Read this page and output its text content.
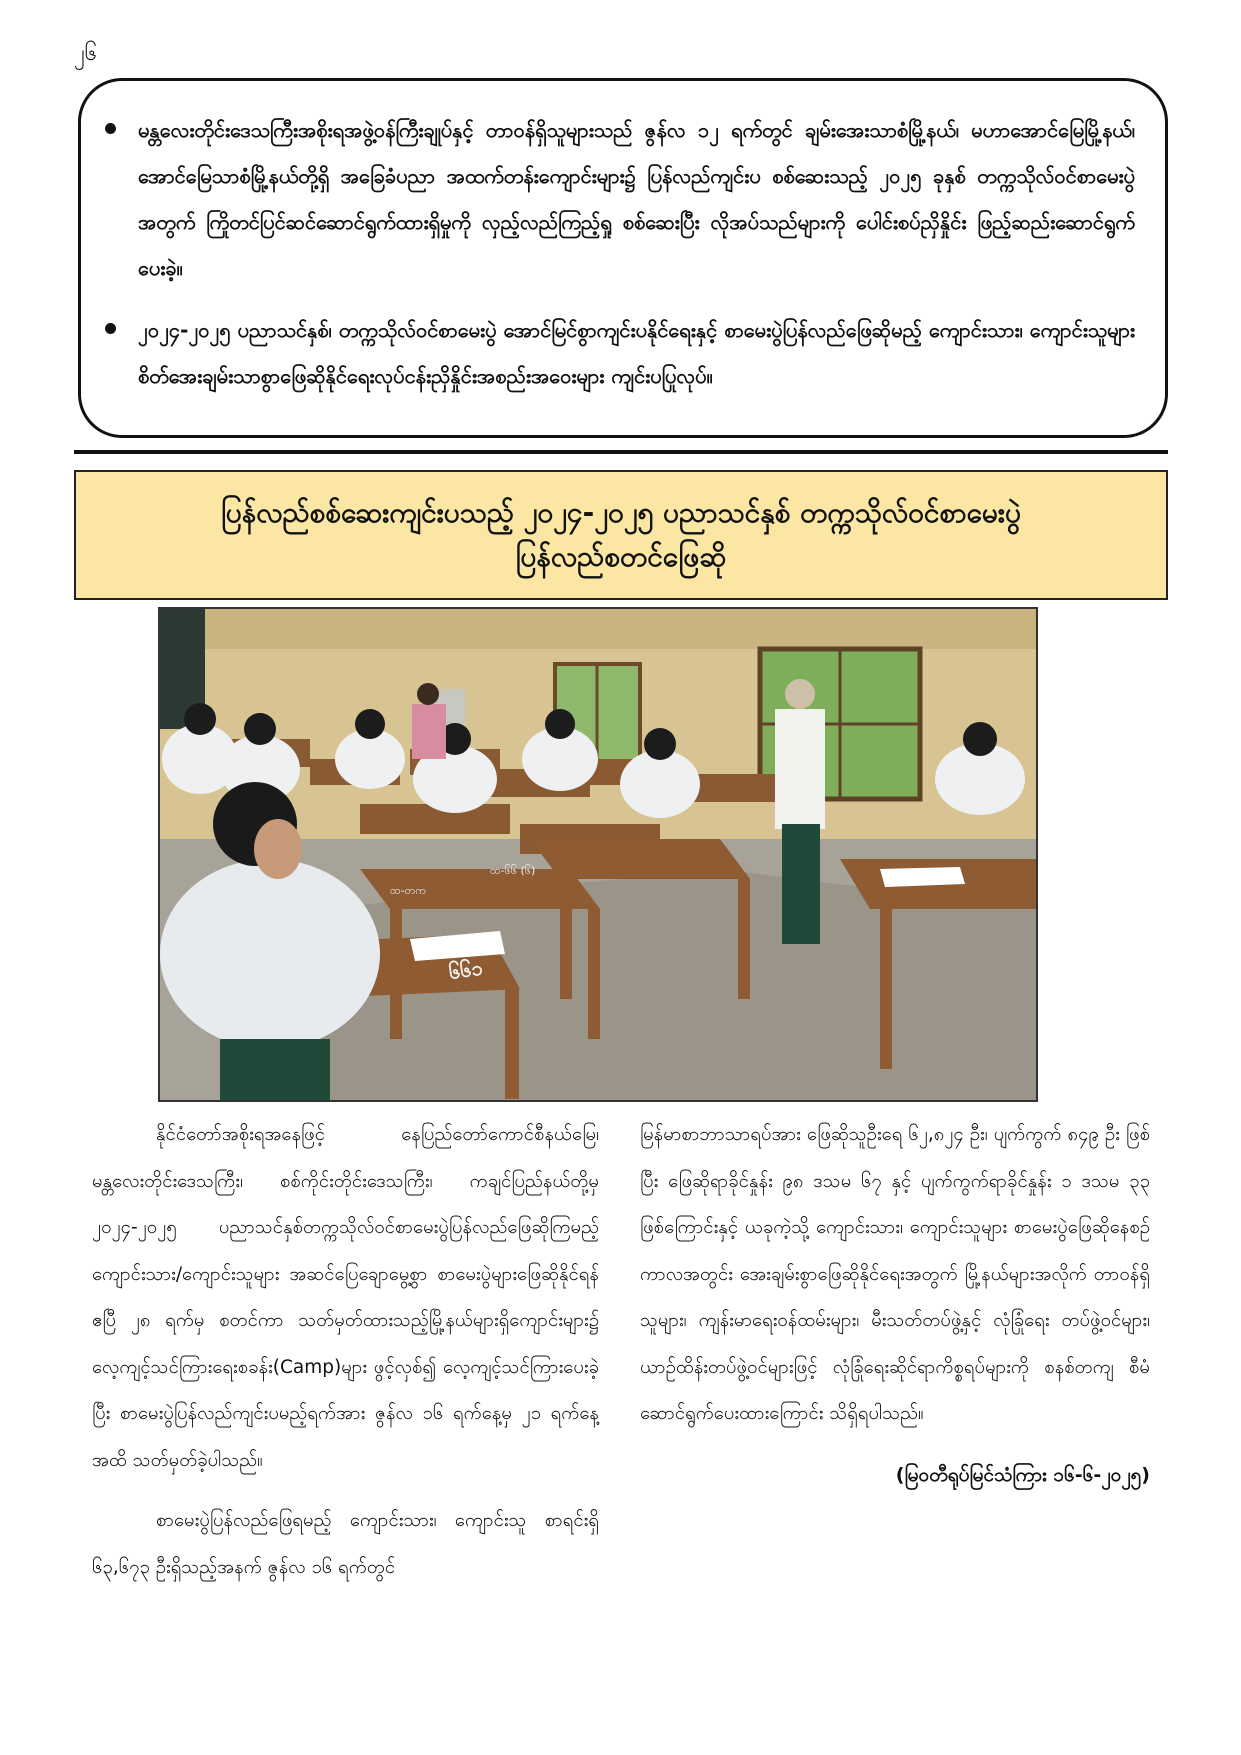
၂၆
မန္တလေးတိုင်းဒေသကြီးအစိုးရအဖွဲ့ဝန်ကြီးချုပ်နှင့် တာဝန်ရှိသူများသည် ဇွန်လ ၁၂ ရက်တွင် ချမ်းအေးသာစံမြို့နယ်၊ မဟာအောင်မြေမြို့နယ်၊ အောင်မြေသာစံမြို့နယ်တို့ရှိ အခြေခံပညာ အထက်တန်းကျောင်းများ၌ ပြန်လည်ကျင်းပ စစ်ဆေးသည့် ၂၀၂၅ ခုနှစ် တက္ကသိုလ်ဝင်စာမေးပွဲအတွက် ကြိုတင်ပြင်ဆင်ဆောင်ရွက်ထားရှိမှုကို လှည့်လည်ကြည့်ရှု စစ်ဆေးပြီး လိုအပ်သည်များကို ပေါင်းစပ်ညှိနှိုင်း ဖြည့်ဆည်းဆောင်ရွက်ပေးခဲ့။
၂၀၂၄-၂၀၂၅ ပညာသင်နှစ်၊ တက္ကသိုလ်ဝင်စာမေးပွဲ အောင်မြင်စွာကျင်းပနိုင်ရေးနှင့် စာမေးပွဲပြန်လည်ဖြေဆိုမည့် ကျောင်းသား၊ ကျောင်းသူများ စိတ်အေးချမ်းသာစွာဖြေဆိုနိုင်ရေးလုပ်ငန်းညှိနှိုင်းအစည်းအဝေးများ ကျင်းပပြုလုပ်။
ပြန်လည်စစ်ဆေးကျင်းပသည့် ၂၀၂၄-၂၀၂၅ ပညာသင်နှစ် တက္ကသိုလ်ဝင်စာမေးပွဲ
ပြန်လည်စတင်ဖြေဆို
ထ-တက
ထ-၆၆ (၆)
၆၆၁

နိုင်ငံတော်အစိုးရအနေဖြင့် နေပြည်တော်ကောင်စီနယ်မြေ၊ မန္တလေးတိုင်းဒေသကြီး၊ စစ်ကိုင်းတိုင်းဒေသကြီး၊ ကချင်ပြည်နယ်တို့မှ ၂၀၂၄-၂၀၂၅ ပညာသင်နှစ်တက္ကသိုလ်ဝင်စာမေးပွဲပြန်လည်ဖြေဆိုကြမည့် ကျောင်းသား/ကျောင်းသူများ အဆင်ပြေချောမွေ့စွာ စာမေးပွဲများဖြေဆိုနိုင်ရန် ဧပြီ ၂၈ ရက်မှ စတင်ကာ သတ်မှတ်ထားသည့်မြို့နယ်များရှိကျောင်းများ၌ လေ့ကျင့်သင်ကြားရေးစခန်း(Camp)များ ဖွင့်လှစ်၍ လေ့ကျင့်သင်ကြားပေးခဲ့ပြီး စာမေးပွဲပြန်လည်ကျင်းပမည့်ရက်အား ဇွန်လ ၁၆ ရက်နေ့မှ ၂၁ ရက်နေ့အထိ သတ်မှတ်ခဲ့ပါသည်။

စာမေးပွဲပြန်လည်ဖြေရမည့် ကျောင်းသား၊ ကျောင်းသူ စာရင်းရှိ ၆၃,၆၇၃ ဦးရှိသည့်အနက် ဇွန်လ ၁၆ ရက်တွင်

မြန်မာစာဘာသာရပ်အား ဖြေဆိုသူဦးရေ ၆၂,၈၂၄ ဦး၊ ပျက်ကွက် ၈၄၉ ဦး ဖြစ်ပြီး ဖြေဆိုရာခိုင်နှုန်း ၉၈ ဒသမ ၆၇ နှင့် ပျက်ကွက်ရာခိုင်နှုန်း ၁ ဒသမ ၃၃ ဖြစ်ကြောင်းနှင့် ယခုကဲ့သို့ ကျောင်းသား၊ ကျောင်းသူများ စာမေးပွဲဖြေဆိုနေစဉ်ကာလအတွင်း အေးချမ်းစွာဖြေဆိုနိုင်ရေးအတွက် မြို့နယ်များအလိုက် တာဝန်ရှိသူများ၊ ကျန်းမာရေးဝန်ထမ်းများ၊ မီးသတ်တပ်ဖွဲ့နှင့် လုံခြုံရေး တပ်ဖွဲ့ဝင်များ၊ ယာဉ်ထိန်းတပ်ဖွဲ့ဝင်များဖြင့် လုံခြုံရေးဆိုင်ရာကိစ္စရပ်များကို စနစ်တကျ စီမံဆောင်ရွက်ပေးထားကြောင်း သိရှိရပါသည်။

(မြဝတီရုပ်မြင်သံကြား ၁၆-၆-၂၀၂၅)
